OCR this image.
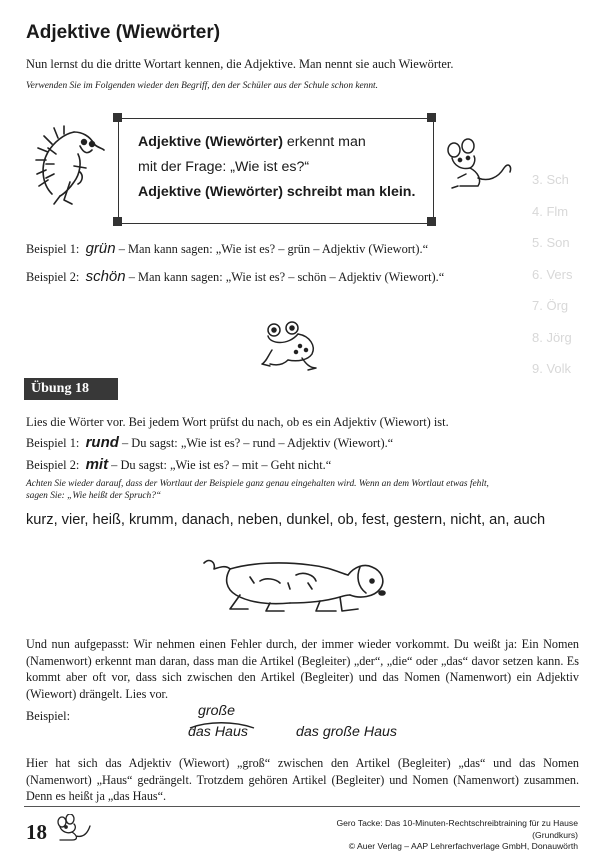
Adjektive (Wiewörter)
Nun lernst du die dritte Wortart kennen, die Adjektive. Man nennt sie auch Wiewörter.
Verwenden Sie im Folgenden wieder den Begriff, den der Schüler aus der Schule schon kennt.
3. Sch
4. Flm
5. Son
6. Vers
7. Örg
8. Jörg
9. Volk
Adjektive (Wiewörter) erkennt man
mit der Frage: „Wie ist es?“
Adjektive (Wiewörter) schreibt man klein.
Beispiel 1: grün – Man kann sagen: „Wie ist es? – grün – Adjektiv (Wiewort).“
Beispiel 2: schön – Man kann sagen: „Wie ist es? – schön – Adjektiv (Wiewort).“
Übung 18
Lies die Wörter vor. Bei jedem Wort prüfst du nach, ob es ein Adjektiv (Wiewort) ist.
Beispiel 1: rund – Du sagst: „Wie ist es? – rund – Adjektiv (Wiewort).“
Beispiel 2: mit – Du sagst: „Wie ist es? – mit – Geht nicht.“
Achten Sie wieder darauf, dass der Wortlaut der Beispiele ganz genau eingehalten wird. Wenn an dem Wortlaut etwas fehlt,
sagen Sie: „Wie heißt der Spruch?“
kurz, vier, heiß, krumm, danach, neben, dunkel, ob, fest, gestern, nicht, an, auch
Und nun aufgepasst: Wir nehmen einen Fehler durch, der immer wieder vorkommt. Du weißt ja: Ein Nomen (Namenwort) erkennt man daran, dass man die Artikel (Begleiter) „der“, „die“ oder „das“ davor setzen kann. Es kommt aber oft vor, dass sich zwischen den Artikel (Begleiter) und das Nomen (Namenwort) ein Adjektiv (Wiewort) drängelt. Lies vor.
Beispiel:	große
das Haus	das große Haus
Hier hat sich das Adjektiv (Wiewort) „groß“ zwischen den Artikel (Begleiter) „das“ und das Nomen (Namenwort) „Haus“ gedrängelt. Trotzdem gehören Artikel (Begleiter) und Nomen (Namenwort) zusammen. Denn es heißt ja „das Haus“.
18	Gero Tacke: Das 10-Minuten-Rechtschreibtraining für zu Hause (Grundkurs)
© Auer Verlag – AAP Lehrerfachverlage GmbH, Donauwörth
